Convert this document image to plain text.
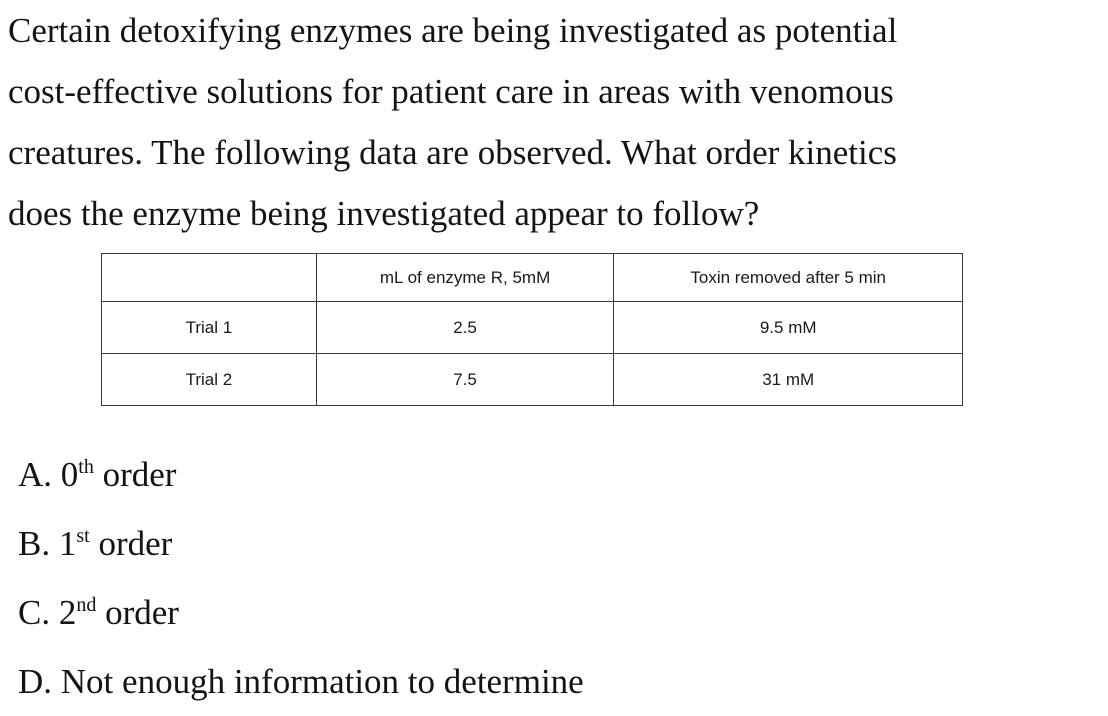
Certain detoxifying enzymes are being investigated as potential
cost-effective solutions for patient care in areas with venomous
creatures. The following data are observed. What order kinetics
does the enzyme being investigated appear to follow?

	mL of enzyme R, 5mM	Toxin removed after 5 min
Trial 1	2.5	9.5 mM
Trial 2	7.5	31 mM
A. 0th order
B. 1st order
C. 2nd order
D. Not enough information to determine
